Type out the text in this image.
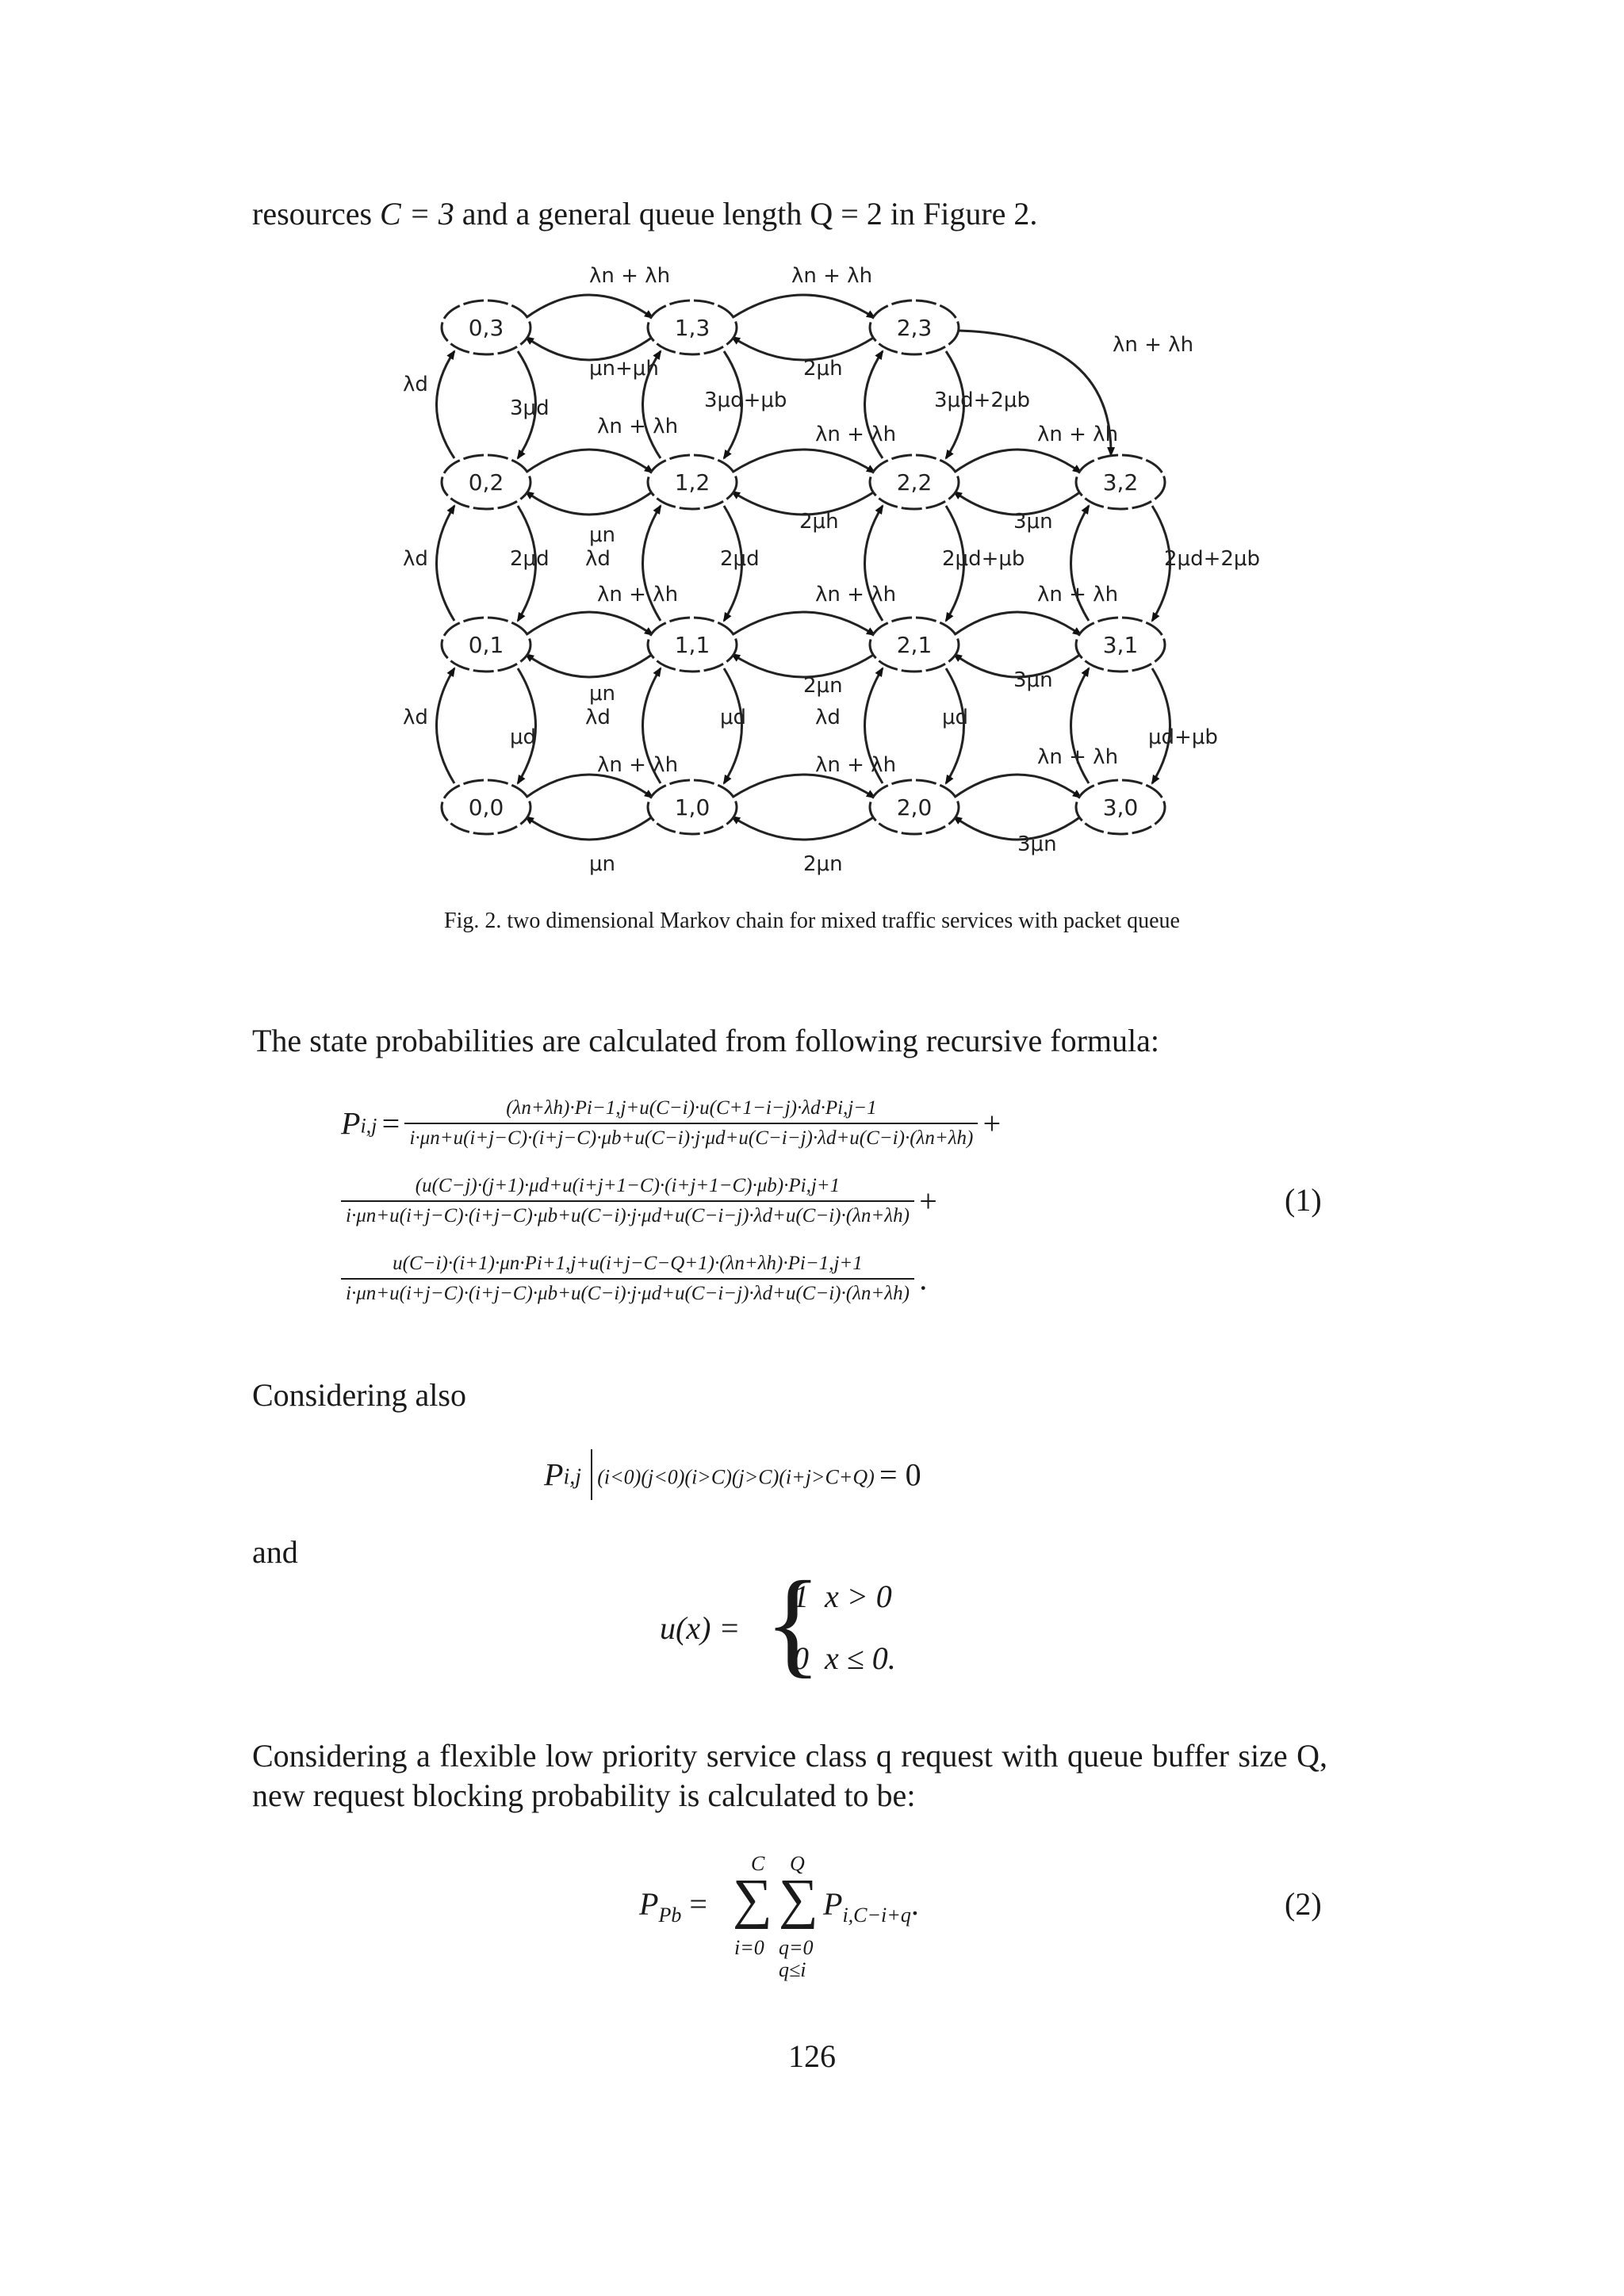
resources C = 3 and a general queue length Q = 2 in Figure 2.
0,3	1,3	2,3
0,2	1,2	2,2	3,2
0,1	1,1	2,1	3,1
0,0	1,0	2,0	3,0
λn + λh	λn + λh
λn + λh
μn+μh	2μh
λd
λd
λd
3μd	3μd+μb	3μd+2μb
λn + λh	λn + λh	λn + λh
μn
2μh	3μn
2μd λd	2μd	2μd+μb	2μd+2μb
λn + λh	λn + λh	λn + λh
μn	2μn	3μn
μd
λd	μd	λd	μd
μd+μb
λn + λh	λn + λh	λn + λh
μn	2μn
3μn
Fig. 2. two dimensional Markov chain for mixed traffic services with packet queue
The state probabilities are calculated from following recursive formula:
$P_{i,j}$ =	(λn+λh)·Pi−1,j+u(C−i)·u(C+1−i−j)·λd·Pi,j−1
i·μn+u(i+j−C)·(i+j−C)·μb+u(C−i)·j·μd+u(C−i−j)·λd+u(C−i)·(λn+λh) +
(u(C−j)·(j+1)·μd+u(i+j+1−C)·(i+j+1−C)·μb)·Pi,j+1
i·μn+u(i+j−C)·(i+j−C)·μb+u(C−i)·j·μd+u(C−i−j)·λd+u(C−i)·(λn+λh) +	(1)
u(C−i)·(i+1)·μn·Pi+1,j+u(i+j−C−Q+1)·(λn+λh)·Pi−1,j+1
i·μn+u(i+j−C)·(i+j−C)·μb+u(C−i)·j·μd+u(C−i−j)·λd+u(C−i)·(λn+λh) .
Considering also
$P_{i,j}$ $_{(i<0)(j<0)(i>C)(j>C)(i+j>C+Q)}$ = 0
and
u(x) = {
1  x > 0
0  x ≤ 0.
Considering a flexible low priority service class q request with queue buffer size Q, new request blocking probability is calculated to be:
$P_{Pb}$ =
C
∑
i=0
Q
∑
q=0
q≤i
$P_{i,C-i+q}$.	(2)
126
